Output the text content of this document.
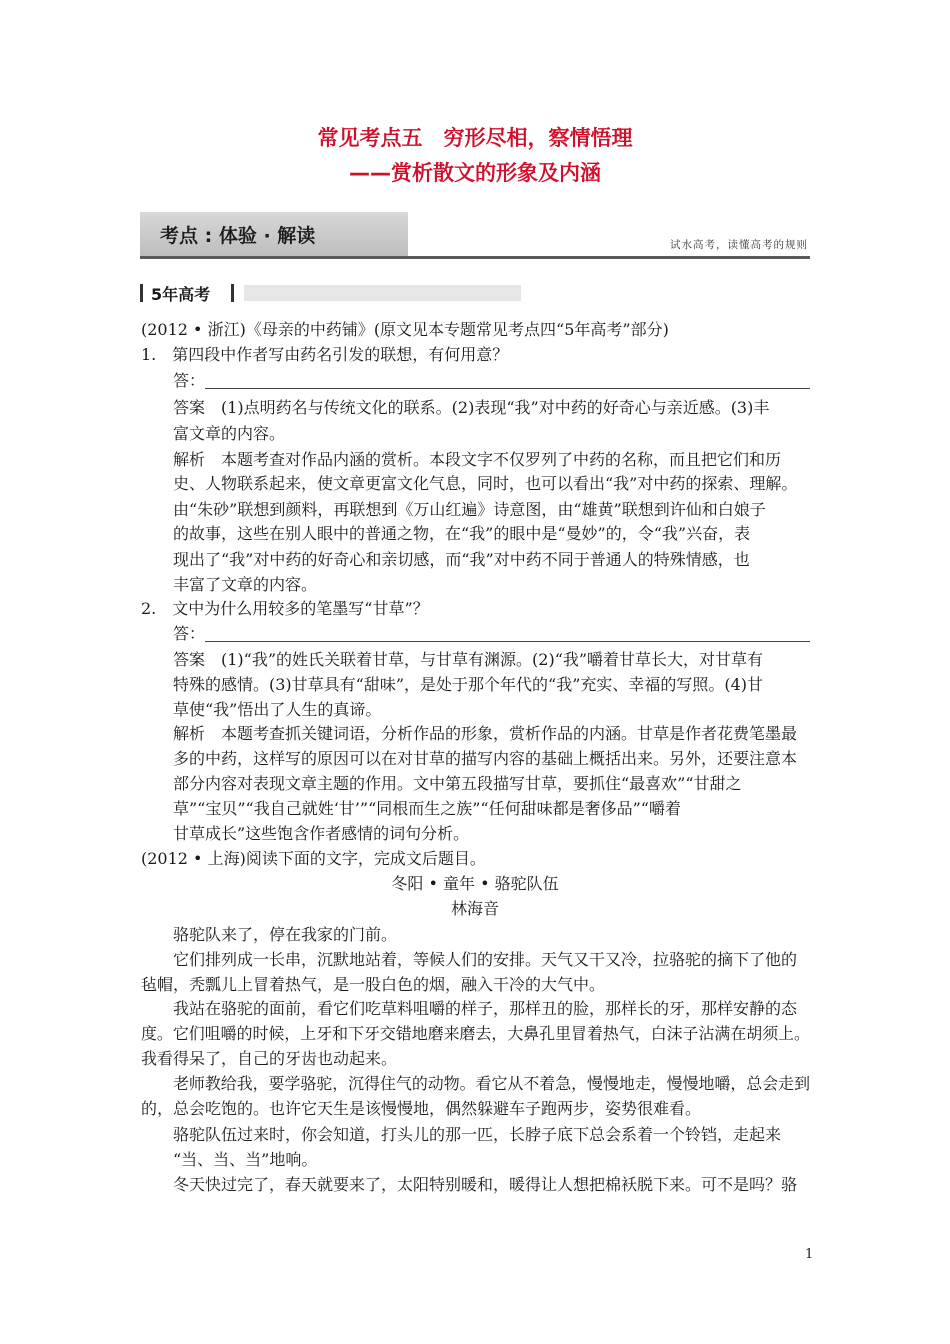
常见考点五　穷形尽相，察情悟理
——赏析散文的形象及内涵
考点 : 体验 · 解读	试水高考，读懂高考的规则
5年高考
(2012 • 浙江)《母亲的中药铺》(原文见本专题常见考点四“5年高考”部分)
1.　第四段中作者写由药名引发的联想，有何用意？
答：
答案　(1)点明药名与传统文化的联系。(2)表现“我”对中药的好奇心与亲近感。(3)丰
富文章的内容。
解析　本题考查对作品内涵的赏析。本段文字不仅罗列了中药的名称，而且把它们和历
史、人物联系起来，使文章更富文化气息，同时，也可以看出“我”对中药的探索、理解。
由“朱砂”联想到颜料，再联想到《万山红遍》诗意图，由“雄黄”联想到许仙和白娘子
的故事，这些在别人眼中的普通之物，在“我”的眼中是“曼妙”的，令“我”兴奋，表
现出了“我”对中药的好奇心和亲切感，而“我”对中药不同于普通人的特殊情感，也
丰富了文章的内容。
2.　文中为什么用较多的笔墨写“甘草”？
答：
答案　(1)“我”的姓氏关联着甘草，与甘草有渊源。(2)“我”嚼着甘草长大，对甘草有
特殊的感情。(3)甘草具有“甜味”，是处于那个年代的“我”充实、幸福的写照。(4)甘
草使“我”悟出了人生的真谛。
解析　本题考查抓关键词语，分析作品的形象，赏析作品的内涵。甘草是作者花费笔墨最
多的中药，这样写的原因可以在对甘草的描写内容的基础上概括出来。另外，还要注意本
部分内容对表现文章主题的作用。文中第五段描写甘草，要抓住“最喜欢”“甘甜之
草”“宝贝”“我自己就姓‘甘’”“同根而生之族”“任何甜味都是奢侈品”“嚼着
甘草成长”这些饱含作者感情的词句分析。
(2012 • 上海)阅读下面的文字，完成文后题目。
冬阳 • 童年 • 骆驼队伍
林海音
骆驼队来了，停在我家的门前。
它们排列成一长串，沉默地站着，等候人们的安排。天气又干又冷，拉骆驼的摘下了他的
毡帽，秃瓢儿上冒着热气，是一股白色的烟，融入干冷的大气中。
我站在骆驼的面前，看它们吃草料咀嚼的样子，那样丑的脸，那样长的牙，那样安静的态
度。它们咀嚼的时候，上牙和下牙交错地磨来磨去，大鼻孔里冒着热气，白沫子沾满在胡须上。
我看得呆了，自己的牙齿也动起来。
老师教给我，要学骆驼，沉得住气的动物。看它从不着急，慢慢地走，慢慢地嚼，总会走到
的，总会吃饱的。也许它天生是该慢慢地，偶然躲避车子跑两步，姿势很难看。
骆驼队伍过来时，你会知道，打头儿的那一匹，长脖子底下总会系着一个铃铛，走起来
“当、当、当”地响。
冬天快过完了，春天就要来了，太阳特别暖和，暖得让人想把棉袄脱下来。可不是吗？骆
1
